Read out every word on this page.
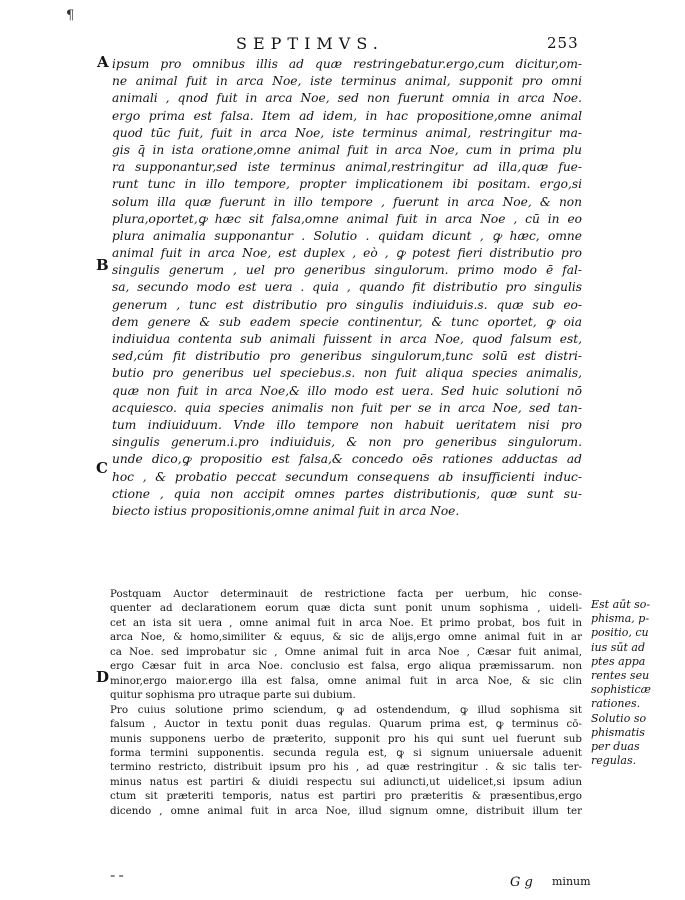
¶
SEPTIMVS.	253
A
B
C
D
ipsum pro omnibus illis ad quæ restringebatur.ergo,cum dicitur,om-
ne animal fuit in arca Noe, iste terminus animal, supponit pro omni
animali , qnod fuit in arca Noe, sed non fuerunt omnia in arca Noe.
ergo prima est falsa. Item ad idem, in hac propositione,omne animal
quod tūc fuit, fuit in arca Noe, iste terminus animal, restringitur ma-
gis q̄ in ista oratione,omne animal fuit in arca Noe, cum in prima plu
ra supponantur,sed iste terminus animal,restringitur ad illa,quæ fue-
runt tunc in illo tempore, propter implicationem ibi positam. ergo,si
solum illa quæ fuerunt in illo tempore , fuerunt in arca Noe, & non
plura,oportet,ꝙ hæc sit falsa,omne animal fuit in arca Noe , cū in eo
plura animalia supponantur . Solutio . quidam dicunt , ꝙ hæc, omne
animal fuit in arca Noe, est duplex , eò , ꝙ potest fieri distributio pro
singulis generum , uel pro generibus singulorum. primo modo ē fal-
sa, secundo modo est uera . quia , quando fit distributio pro singulis
generum , tunc est distributio pro singulis indiuiduis.s. quæ sub eo-
dem genere & sub eadem specie continentur, & tunc oportet, ꝙ oia
indiuidua contenta sub animali fuissent in arca Noe, quod falsum est,
sed,cúm fit distributio pro generibus singulorum,tunc solū est distri-
butio pro generibus uel speciebus.s. non fuit aliqua species animalis,
quæ non fuit in arca Noe,& illo modo est uera. Sed huic solutioni nō
acquiesco. quia species animalis non fuit per se in arca Noe, sed tan-
tum indiuiduum. Vnde illo tempore non habuit ueritatem nisi pro
singulis generum.i.pro indiuiduis, & non pro generibus singulorum.
unde dico,ꝙ propositio est falsa,& concedo oēs rationes adductas ad
hoc , & probatio peccat secundum consequens ab insufficienti induc-
ctione , quia non accipit omnes partes distributionis, quæ sunt su-
biecto istius propositionis,omne animal fuit in arca Noe.
Postquam Auctor determinauit de restrictione facta per uerbum, hic conse-
quenter ad declarationem eorum quæ dicta sunt ponit unum sophisma , uideli-
cet an ista sit uera , omne animal fuit in arca Noe. Et primo probat, bos fuit in
arca Noe, & homo,similiter & equus, & sic de alijs,ergo omne animal fuit in ar
ca Noe. sed improbatur sic , Omne animal fuit in arca Noe , Cæsar fuit animal,
ergo Cæsar fuit in arca Noe. conclusio est falsa, ergo aliqua præmissarum. non
minor,ergo maior.ergo illa est falsa, omne animal fuit in arca Noe, & sic clin
quitur sophisma pro utraque parte sui dubium.
Pro cuius solutione primo sciendum, ꝙ ad ostendendum, ꝙ illud sophisma sit
falsum , Auctor in textu ponit duas regulas. Quarum prima est, ꝙ terminus cō-
munis supponens uerbo de præterito, supponit pro his qui sunt uel fuerunt sub
forma termini supponentis. secunda regula est, ꝙ si signum uniuersale aduenit
termino restricto, distribuit ipsum pro his , ad quæ restringitur . & sic talis ter-
minus natus est partiri & diuidi respectu sui adiuncti,ut uidelicet,si ipsum adiun
ctum sit præteriti temporis, natus est partiri pro præteritis & præsentibus,ergo
dicendo , omne animal fuit in arca Noe, illud signum omne, distribuit illum ter
Est aūt so-
phisma, p-
positio, cu
ius sūt ad
ptes appa
rentes seu
sophisticæ
rationes.
Solutio so
phismatis
per duas
regulas.
⁼ ⁼	G g minum
